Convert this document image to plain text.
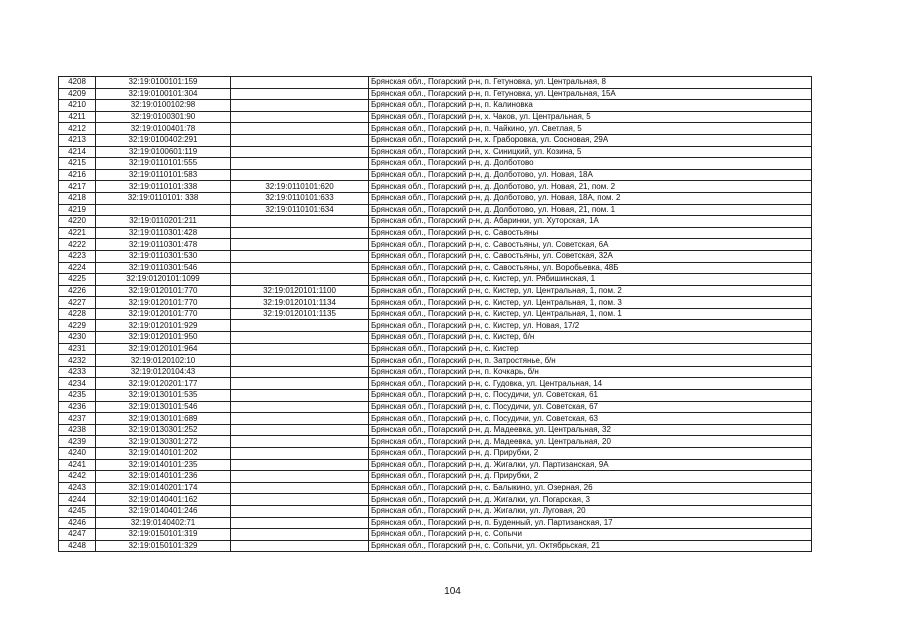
4208	32:19:0100101:159		Брянская обл., Погарский р-н, п. Гетуновка, ул. Центральная, 8
4209	32:19:0100101:304		Брянская обл., Погарский р-н, п. Гетуновка, ул. Центральная, 15А
4210	32:19:0100102:98		Брянская обл., Погарский р-н, п. Калиновка
4211	32:19:0100301:90		Брянская обл., Погарский р-н, х. Чаков, ул. Центральная, 5
4212	32:19:0100401:78		Брянская обл., Погарский р-н, п. Чайкино, ул. Светлая, 5
4213	32:19:0100402:291		Брянская обл., Погарский р-н, х. Граборовка, ул. Сосновая, 29А
4214	32:19:0100601:119		Брянская обл., Погарский р-н, х. Синицкий, ул. Козина, 5
4215	32:19:0110101:555		Брянская обл., Погарский р-н, д. Долботово
4216	32:19:0110101:583		Брянская обл., Погарский р-н, д. Долботово, ул. Новая, 18А
4217	32:19:0110101:338	32:19:0110101:620	Брянская обл., Погарский р-н, д. Долботово, ул. Новая, 21, пом. 2
4218	32:19:0110101: 338	32:19:0110101:633	Брянская обл., Погарский р-н, д. Долботово, ул. Новая, 18А, пом. 2
4219		32:19:0110101:634	Брянская обл., Погарский р-н, д. Долботово, ул. Новая, 21, пом. 1
4220	32:19:0110201:211		Брянская обл., Погарский р-н, д. Абаринки, ул. Хуторская, 1А
4221	32:19:0110301:428		Брянская обл., Погарский р-н, с. Савостьяны
4222	32:19:0110301:478		Брянская обл., Погарский р-н, с. Савостьяны, ул. Советская, 6А
4223	32:19:0110301:530		Брянская обл., Погарский р-н, с. Савостьяны, ул. Советская, 32А
4224	32:19:0110301:546		Брянская обл., Погарский р-н, с. Савостьяны, ул. Воробьевка, 48Б
4225	32:19:0120101:1099		Брянская обл., Погарский р-н, с. Кистер, ул. Рябишинская, 1
4226	32:19:0120101:770	32:19:0120101:1100	Брянская обл., Погарский р-н, с. Кистер, ул. Центральная, 1, пом. 2
4227	32:19:0120101:770	32:19:0120101:1134	Брянская обл., Погарский р-н, с. Кистер, ул. Центральная, 1, пом. 3
4228	32:19:0120101:770	32:19:0120101:1135	Брянская обл., Погарский р-н, с. Кистер, ул. Центральная, 1, пом. 1
4229	32:19:0120101:929		Брянская обл., Погарский р-н, с. Кистер, ул. Новая, 17/2
4230	32:19:0120101:950		Брянская обл., Погарский р-н, с. Кистер, б/н
4231	32:19:0120101:964		Брянская обл., Погарский р-н, с. Кистер
4232	32:19:0120102:10		Брянская обл., Погарский р-н, п. Затростянье, б/н
4233	32:19:0120104:43		Брянская обл., Погарский р-н, п. Кочкарь, б/н
4234	32:19:0120201:177		Брянская обл., Погарский р-н, с. Гудовка, ул. Центральная, 14
4235	32:19:0130101:535		Брянская обл., Погарский р-н, с. Посудичи, ул. Советская, 61
4236	32:19:0130101:546		Брянская обл., Погарский р-н, с. Посудичи, ул. Советская, 67
4237	32:19:0130101:689		Брянская обл., Погарский р-н, с. Посудичи, ул. Советская, 63
4238	32:19:0130301:252		Брянская обл., Погарский р-н, д. Мадеевка, ул. Центральная, 32
4239	32:19:0130301:272		Брянская обл., Погарский р-н, д. Мадеевка, ул. Центральная, 20
4240	32:19:0140101:202		Брянская обл., Погарский р-н, д. Прирубки, 2
4241	32:19:0140101:235		Брянская обл., Погарский р-н, д. Жигалки, ул. Партизанская, 9А
4242	32:19:0140101:236		Брянская обл., Погарский р-н, д. Прирубки, 2
4243	32:19:0140201:174		Брянская обл., Погарский р-н, с. Балыкино, ул. Озерная, 26
4244	32:19:0140401:162		Брянская обл., Погарский р-н, д. Жигалки, ул. Погарская, 3
4245	32:19:0140401:246		Брянская обл., Погарский р-н, д. Жигалки, ул. Луговая, 20
4246	32:19:0140402:71		Брянская обл., Погарский р-н, п. Буденный, ул. Партизанская, 17
4247	32:19:0150101:319		Брянская обл., Погарский р-н, с. Сопычи
4248	32:19:0150101:329		Брянская обл., Погарский р-н, с. Сопычи, ул. Октябрьская, 21
104
